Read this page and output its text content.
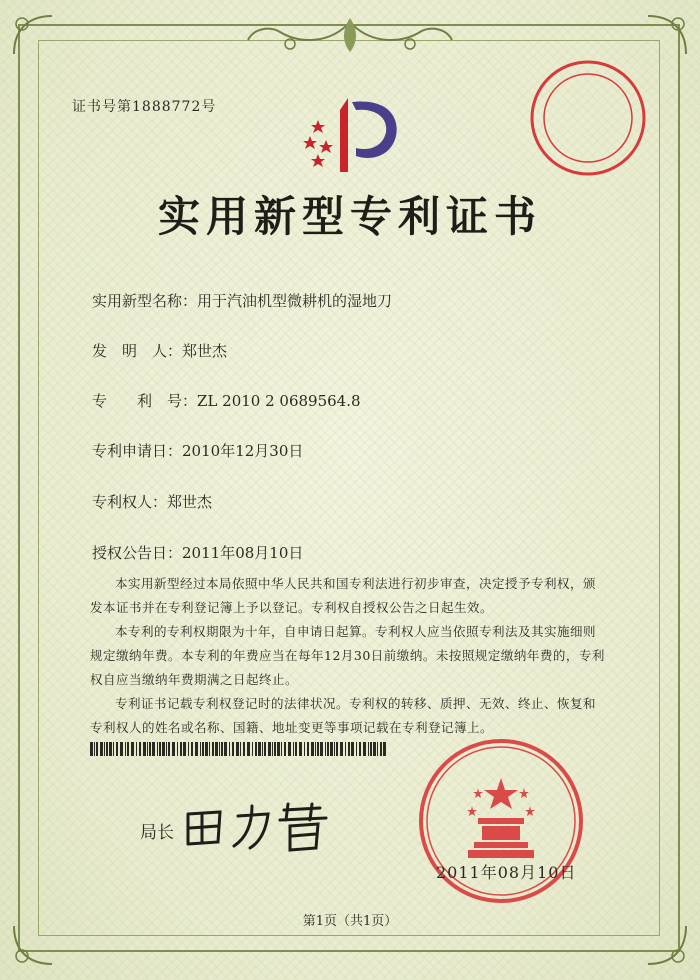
证书号第1888772号
实用新型专利证书
实用新型名称：用于汽油机型微耕机的湿地刀
发　明　人：郑世杰
专　　利　号：ZL 2010 2 0689564.8
专利申请日：2010年12月30日
专利权人：郑世杰
授权公告日：2011年08月10日

本实用新型经过本局依照中华人民共和国专利法进行初步审查，决定授予专利权，颁发本证书并在专利登记簿上予以登记。专利权自授权公告之日起生效。

本专利的专利权期限为十年，自申请日起算。专利权人应当依照专利法及其实施细则规定缴纳年费。本专利的年费应当在每年12月30日前缴纳。未按照规定缴纳年费的，专利权自应当缴纳年费期满之日起终止。

专利证书记载专利权登记时的法律状况。专利权的转移、质押、无效、终止、恢复和专利权人的姓名或名称、国籍、地址变更等事项记载在专利登记簿上。

局长
2011年08月10日
第1页（共1页）
